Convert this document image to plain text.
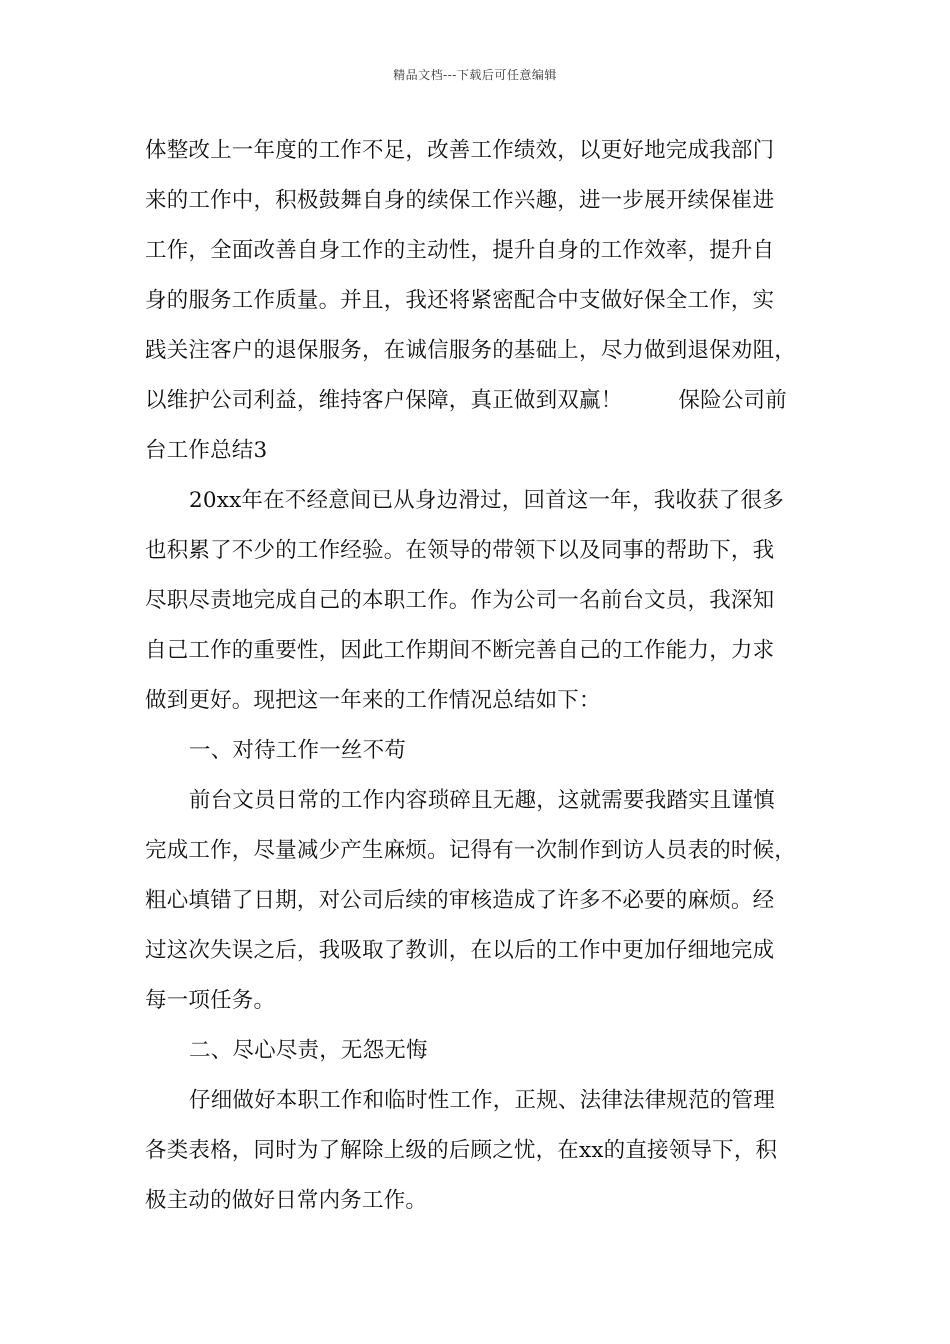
精品文档---下载后可任意编辑
体整改上一年度的工作不足，改善工作绩效，以更好地完成我部门
来的工作中，积极鼓舞自身的续保工作兴趣，进一步展开续保崔进
工作，全面改善自身工作的主动性，提升自身的工作效率，提升自
身的服务工作质量。并且，我还将紧密配合中支做好保全工作，实
践关注客户的退保服务，在诚信服务的基础上，尽力做到退保劝阻，
以维护公司利益，维持客户保障，真正做到双赢！	保险公司前
台工作总结3
20xx年在不经意间已从身边滑过，回首这一年，我收获了很多
也积累了不少的工作经验。在领导的带领下以及同事的帮助下，我
尽职尽责地完成自己的本职工作。作为公司一名前台文员，我深知
自己工作的重要性，因此工作期间不断完善自己的工作能力，力求
做到更好。现把这一年来的工作情况总结如下：
一、对待工作一丝不苟
前台文员日常的工作内容琐碎且无趣，这就需要我踏实且谨慎
完成工作，尽量减少产生麻烦。记得有一次制作到访人员表的时候，
粗心填错了日期，对公司后续的审核造成了许多不必要的麻烦。经
过这次失误之后，我吸取了教训，在以后的工作中更加仔细地完成
每一项任务。
二、尽心尽责，无怨无悔
仔细做好本职工作和临时性工作，正规、法律法律规范的管理
各类表格，同时为了解除上级的后顾之忧，在xx的直接领导下，积
极主动的做好日常内务工作。
